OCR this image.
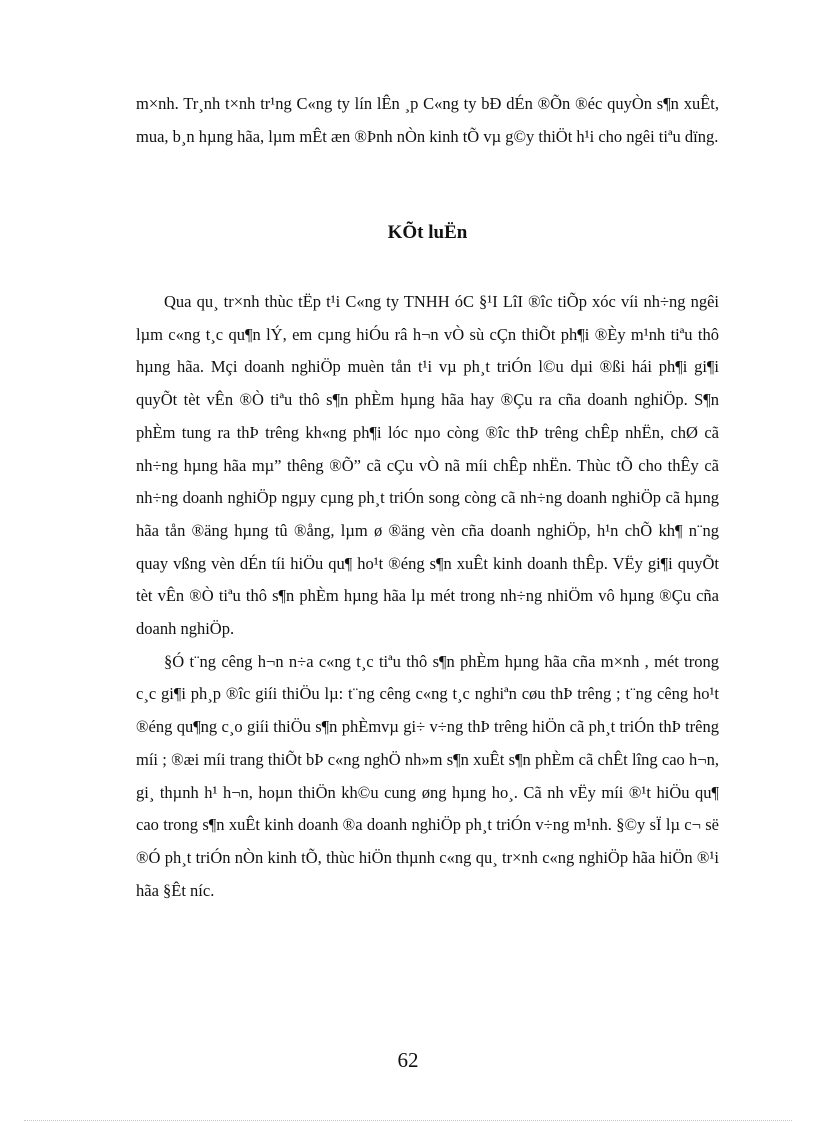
m×nh. Tr¸nh t×nh tr¹ng C«ng ty lín lÊn ¸p C«ng ty bÐ dÉn ®Õn ®éc quyÒn s¶n xuÊt, mua, b¸n hµng hãa, lµm mÊt æn ®Þnh nÒn kinh tÕ vµ g©y thiÖt h¹i cho ngêi tiªu dïng.

KÕt luËn

Qua qu¸ tr×nh thùc tËp t¹i C«ng ty TNHH óC §¹I LîI ®îc tiÕp xóc víi nh÷ng ngêi lµm c«ng t¸c qu¶n lÝ, em cµng hiÓu râ h¬n vÒ sù cÇn thiÕt ph¶i ®Èy m¹nh tiªu thô hµng hãa. Mçi doanh nghiÖp muèn tån t¹i vµ ph¸t triÓn l©u dµi ®ßi hái ph¶i gi¶i quyÕt tèt vÊn ®Ò tiªu thô s¶n phÈm hµng hãa hay ®Çu ra cña doanh nghiÖp. S¶n phÈm tung ra thÞ trêng kh«ng ph¶i lóc nµo còng ®îc thÞ trêng chÊp nhËn, chØ cã nh÷ng hµng hãa mµ” thêng ®Õ” cã cÇu vÒ nã míi chÊp nhËn. Thùc tÕ cho thÊy cã nh÷ng doanh nghiÖp ngµy cµng ph¸t triÓn song còng cã nh÷ng doanh nghiÖp cã hµng hãa tån ®äng hµng tû ®ång, lµm ø ®äng vèn cña doanh nghiÖp, h¹n chÕ kh¶ n¨ng quay vßng vèn dÉn tíi hiÖu qu¶ ho¹t ®éng s¶n xuÊt kinh doanh thÊp. VËy gi¶i quyÕt tèt vÊn ®Ò tiªu thô s¶n phÈm hµng hãa lµ mét trong nh÷ng nhiÖm vô hµng ®Çu cña doanh nghiÖp.

§Ó t¨ng cêng h¬n n÷a c«ng t¸c tiªu thô s¶n phÈm hµng hãa cña m×nh , mét trong c¸c gi¶i ph¸p ®îc giíi thiÖu lµ: t¨ng cêng c«ng t¸c nghiªn cøu thÞ trêng ; t¨ng cêng ho¹t ®éng qu¶ng c¸o giíi thiÖu s¶n phÈmvµ gi÷ v÷ng thÞ trêng hiÖn cã ph¸t triÓn thÞ trêng míi ; ®æi míi trang thiÕt bÞ c«ng nghÖ nh»m s¶n xuÊt s¶n phÈm cã chÊt lîng cao h¬n, gi¸ thµnh h¹ h¬n, hoµn thiÖn kh©u cung øng hµng ho¸. Cã nh vËy míi ®¹t hiÖu qu¶ cao trong s¶n xuÊt kinh doanh ®a doanh nghiÖp ph¸t triÓn v÷ng m¹nh. §©y sÏ lµ c¬ së ®Ó ph¸t triÓn nÒn kinh tÕ, thùc hiÖn thµnh c«ng qu¸ tr×nh c«ng nghiÖp hãa hiÖn ®¹i hãa §Êt níc.

62
